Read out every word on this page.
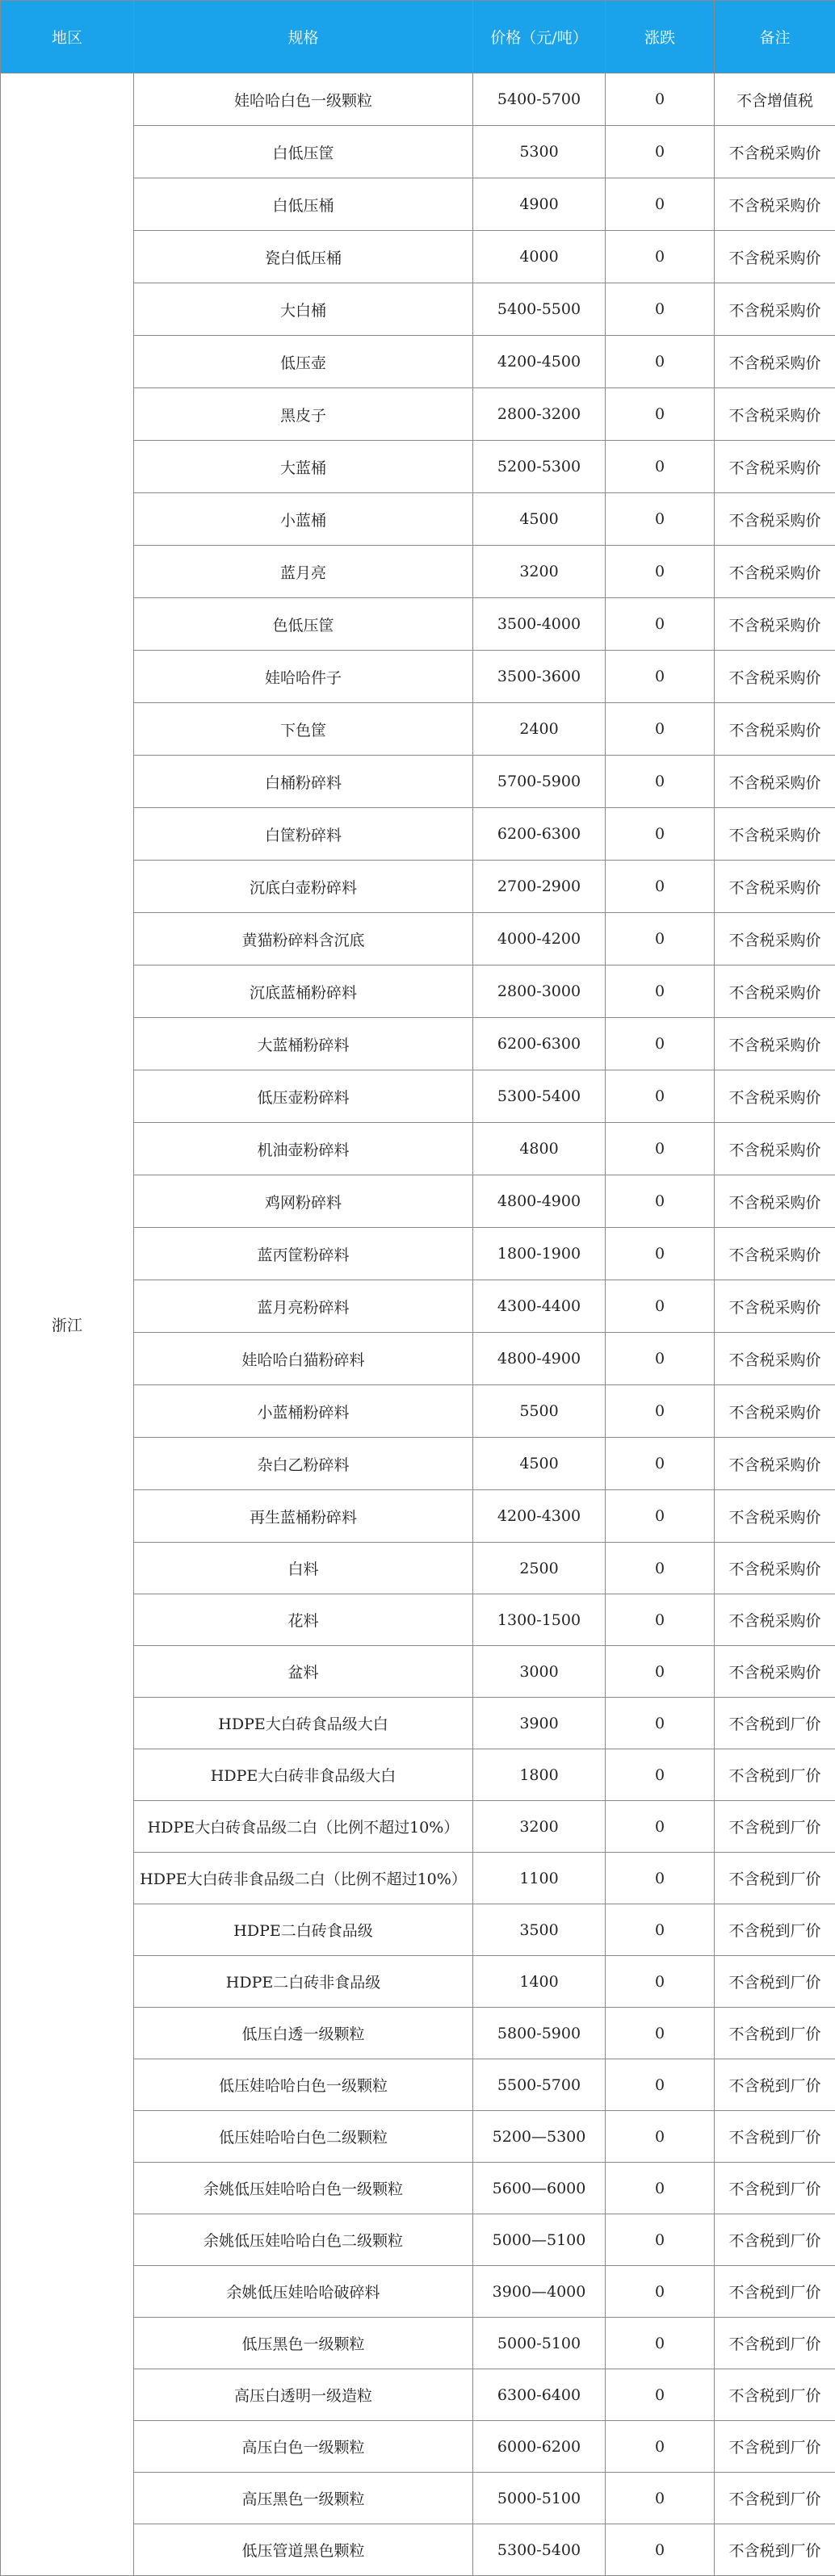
地区	规格	价格（元/吨）	涨跌	备注
浙江	娃哈哈白色一级颗粒	5400-5700	0	不含增值税
	白低压筐	5300	0	不含税采购价
	白低压桶	4900	0	不含税采购价
	瓷白低压桶	4000	0	不含税采购价
	大白桶	5400-5500	0	不含税采购价
	低压壶	4200-4500	0	不含税采购价
	黑皮子	2800-3200	0	不含税采购价
	大蓝桶	5200-5300	0	不含税采购价
	小蓝桶	4500	0	不含税采购价
	蓝月亮	3200	0	不含税采购价
	色低压筐	3500-4000	0	不含税采购价
	娃哈哈件子	3500-3600	0	不含税采购价
	下色筐	2400	0	不含税采购价
	白桶粉碎料	5700-5900	0	不含税采购价
	白筐粉碎料	6200-6300	0	不含税采购价
	沉底白壶粉碎料	2700-2900	0	不含税采购价
	黄猫粉碎料含沉底	4000-4200	0	不含税采购价
	沉底蓝桶粉碎料	2800-3000	0	不含税采购价
	大蓝桶粉碎料	6200-6300	0	不含税采购价
	低压壶粉碎料	5300-5400	0	不含税采购价
	机油壶粉碎料	4800	0	不含税采购价
	鸡网粉碎料	4800-4900	0	不含税采购价
	蓝丙筐粉碎料	1800-1900	0	不含税采购价
	蓝月亮粉碎料	4300-4400	0	不含税采购价
	娃哈哈白猫粉碎料	4800-4900	0	不含税采购价
	小蓝桶粉碎料	5500	0	不含税采购价
	杂白乙粉碎料	4500	0	不含税采购价
	再生蓝桶粉碎料	4200-4300	0	不含税采购价
	白料	2500	0	不含税采购价
	花料	1300-1500	0	不含税采购价
	盆料	3000	0	不含税采购价
	HDPE大白砖食品级大白	3900	0	不含税到厂价
	HDPE大白砖非食品级大白	1800	0	不含税到厂价
	HDPE大白砖食品级二白（比例不超过10%）	3200	0	不含税到厂价
	HDPE大白砖非食品级二白（比例不超过10%）	1100	0	不含税到厂价
	HDPE二白砖食品级	3500	0	不含税到厂价
	HDPE二白砖非食品级	1400	0	不含税到厂价
	低压白透一级颗粒	5800-5900	0	不含税到厂价
	低压娃哈哈白色一级颗粒	5500-5700	0	不含税到厂价
	低压娃哈哈白色二级颗粒	5200—5300	0	不含税到厂价
	余姚低压娃哈哈白色一级颗粒	5600—6000	0	不含税到厂价
	余姚低压娃哈哈白色二级颗粒	5000—5100	0	不含税到厂价
	余姚低压娃哈哈破碎料	3900—4000	0	不含税到厂价
	低压黑色一级颗粒	5000-5100	0	不含税到厂价
	高压白透明一级造粒	6300-6400	0	不含税到厂价
	高压白色一级颗粒	6000-6200	0	不含税到厂价
	高压黑色一级颗粒	5000-5100	0	不含税到厂价
	低压管道黑色颗粒	5300-5400	0	不含税到厂价
